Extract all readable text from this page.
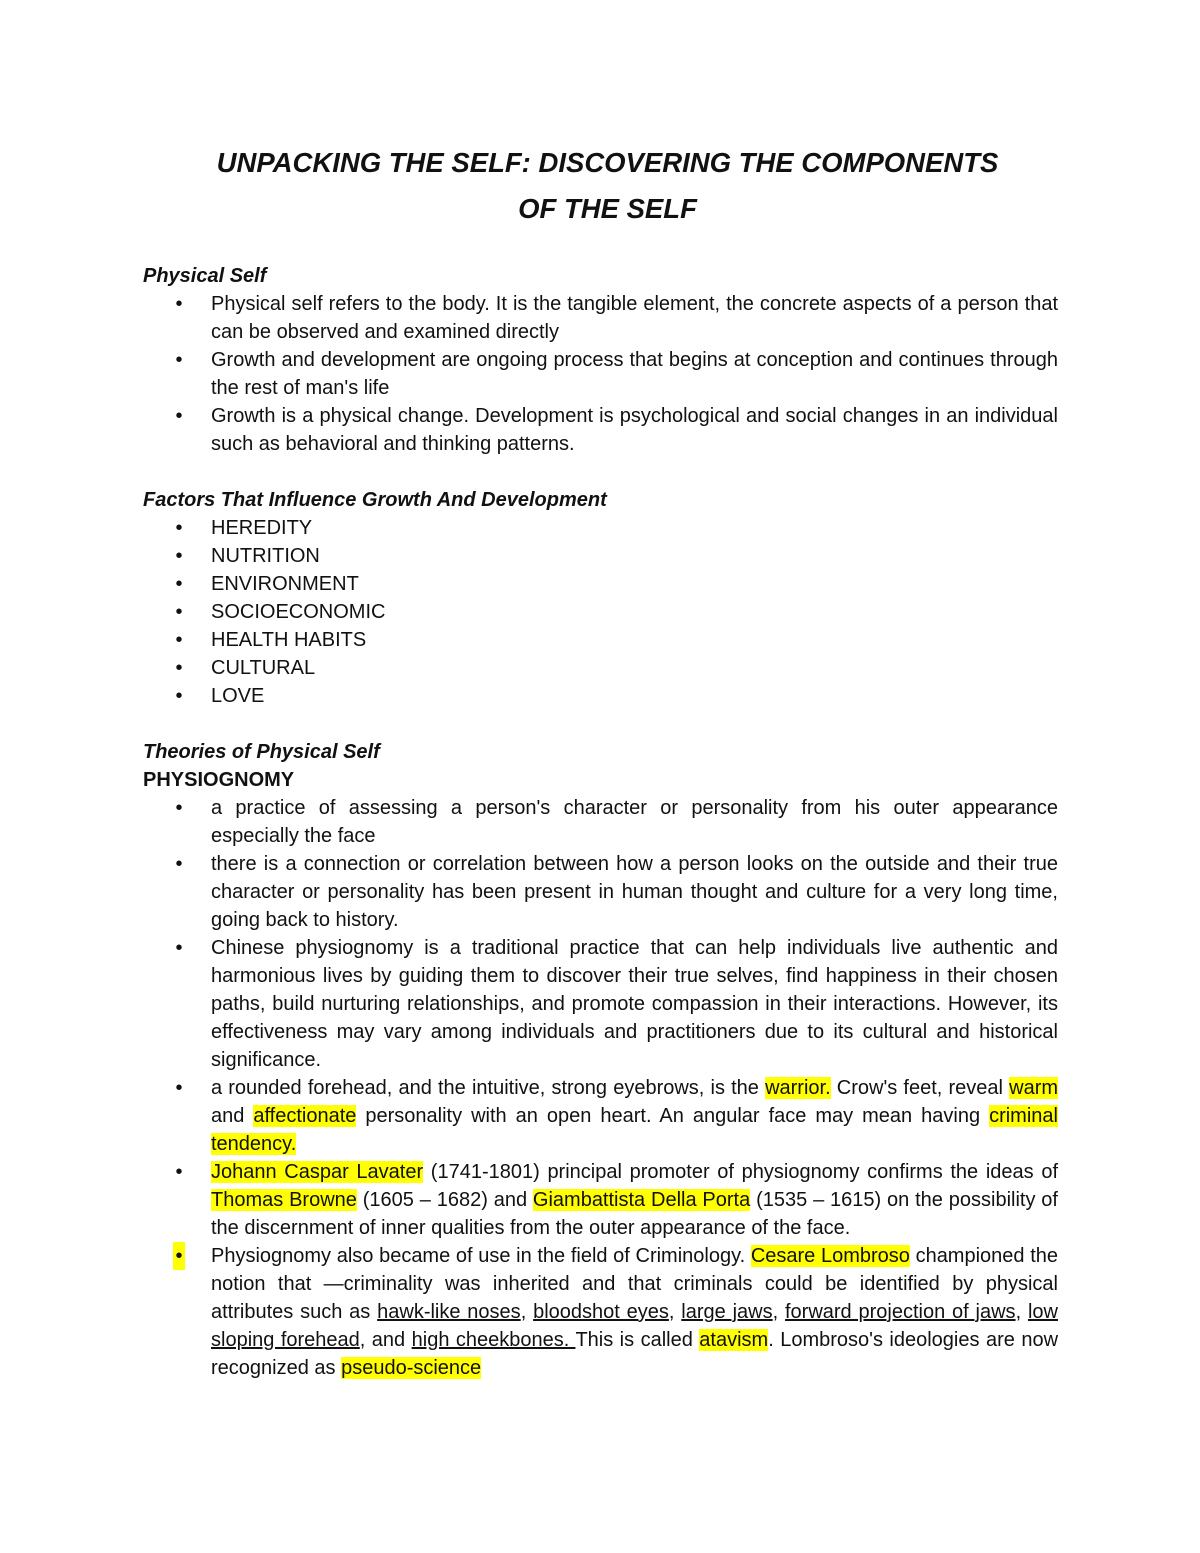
UNPACKING THE SELF: DISCOVERING THE COMPONENTS
OF THE SELF

Physical Self

• Physical self refers to the body. It is the tangible element, the concrete aspects of a person that can be observed and examined directly
• Growth and development are ongoing process that begins at conception and continues through the rest of man's life
• Growth is a physical change. Development is psychological and social changes in an individual such as behavioral and thinking patterns.

Factors That Influence Growth And Development

• HEREDITY
• NUTRITION
• ENVIRONMENT
• SOCIOECONOMIC
• HEALTH HABITS
• CULTURAL
• LOVE

Theories of Physical Self

PHYSIOGNOMY

• a practice of assessing a person's character or personality from his outer appearance especially the face
• there is a connection or correlation between how a person looks on the outside and their true character or personality has been present in human thought and culture for a very long time, going back to history.
• Chinese physiognomy is a traditional practice that can help individuals live authentic and harmonious lives by guiding them to discover their true selves, find happiness in their chosen paths, build nurturing relationships, and promote compassion in their interactions. However, its effectiveness may vary among individuals and practitioners due to its cultural and historical significance.
• a rounded forehead, and the intuitive, strong eyebrows, is the warrior. Crow's feet, reveal warm and affectionate personality with an open heart. An angular face may mean having criminal tendency.
• Johann Caspar Lavater (1741-1801) principal promoter of physiognomy confirms the ideas of Thomas Browne (1605 – 1682) and Giambattista Della Porta (1535 – 1615) on the possibility of the discernment of inner qualities from the outer appearance of the face.
• Physiognomy also became of use in the field of Criminology. Cesare Lombroso championed the notion that ―criminality was inherited and that criminals could be identified by physical attributes such as hawk-like noses, bloodshot eyes, large jaws, forward projection of jaws, low sloping forehead, and high cheekbones. This is called atavism. Lombroso's ideologies are now recognized as pseudo-science
